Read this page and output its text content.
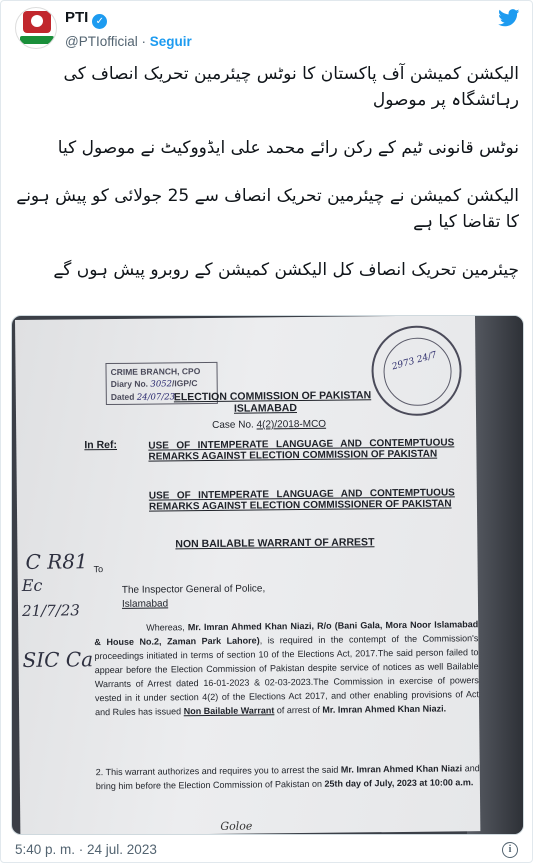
PTI ✓
@PTIofficial · Seguir

الیکشن کمیشن آف پاکستان کا نوٹس چیئرمین تحریک انصاف کی رہائشگاہ پر موصول

نوٹس قانونی ٹیم کے رکن رائے محمد علی ایڈووکیٹ نے موصول کیا

الیکشن کمیشن نے چیئرمین تحریک انصاف سے 25 جولائی کو پیش ہونے کا تقاضا کیا ہے

چیئرمین تحریک انصاف کل الیکشن کمیشن کے روبرو پیش ہوں گے

CRIME BRANCH, CPO
Diary No. 3052/IGP/C
Dated 24/07/23
2973 24/7
ELECTION COMMISSION OF PAKISTAN
ISLAMABAD
Case No. 4(2)/2018-MCO
In Ref:	USE OF INTEMPERATE LANGUAGE AND CONTEMPTUOUS REMARKS AGAINST ELECTION COMMISSION OF PAKISTAN
USE OF INTEMPERATE LANGUAGE AND CONTEMPTUOUS REMARKS AGAINST ELECTION COMMISSIONER OF PAKISTAN
NON BAILABLE WARRANT OF ARREST
To
The Inspector General of Police,
Islamabad
Whereas, Mr. Imran Ahmed Khan Niazi, R/o (Bani Gala, Mora Noor Islamabad & House No.2, Zaman Park Lahore), is required in the contempt of the Commission's proceedings initiated in terms of section 10 of the Elections Act, 2017.The said person failed to appear before the Election Commission of Pakistan despite service of notices as well Bailable Warrants of Arrest dated 16-01-2023 & 02-03-2023.The Commission in exercise of powers vested in it under section 4(2) of the Elections Act 2017, and other enabling provisions of Act and Rules has issued Non Bailable Warrant of arrest of Mr. Imran Ahmed Khan Niazi.
2. This warrant authorizes and requires you to arrest the said Mr. Imran Ahmed Khan Niazi and bring him before the Election Commission of Pakistan on 25th day of July, 2023 at 10:00 a.m.
Goloe
C R81
Ec
21/7/23
SIC Ca
5:40 p. m. · 24 jul. 2023	i
